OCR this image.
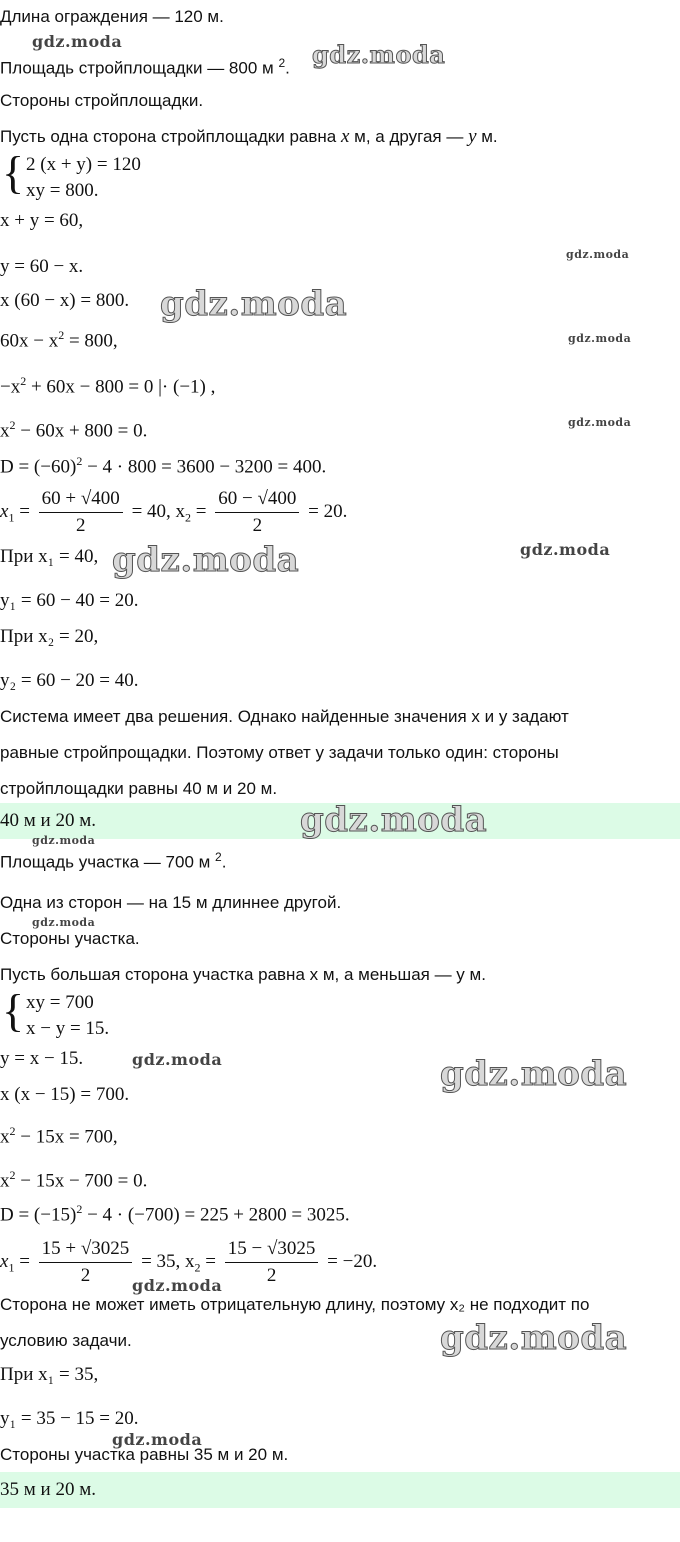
Длина ограждения — 120 м.
Площадь стройплощадки — 800 м $^2$.
Стороны стройплощадки.
Пусть одна сторона стройплощадки равна x м, а другая — y м.
{ 2 (x + y) = 120
xy = 800.
x + y = 60,
y = 60 − x.
x (60 − x) = 800.
$60x - x^2 = 800$,
$-x^2 + 60x - 800 = 0$ |· (−1) ,
$x^2 - 60x + 800 = 0$.
$D = (-60)^2 - 4 \cdot 800 = 3600 - 3200 = 400$.
$x_1 = \frac{60 + √400}{2} = 40$, $x_2 = \frac{60 - √400}{2} = 20$.
При x₁ = 40,
y₁ = 60 − 40 = 20.
При x₂ = 20,
y₂ = 60 − 20 = 40.
Система имеет два решения. Однако найденные значения x и y задают
равные стройпрощадки. Поэтому ответ у задачи только один: стороны
стройплощадки равны 40 м и 20 м.
40 м и 20 м.
Площадь участка — 700 м $^2$.
Одна из сторон — на 15 м длиннее другой.
Стороны участка.
Пусть большая сторона участка равна x м, а меньшая — y м.
{ xy = 700
x − y = 15.
y = x − 15.
x (x − 15) = 700.
$x^2 - 15x = 700$,
$x^2 - 15x - 700 = 0$.
$D = (-15)^2 - 4 \cdot (-700) = 225 + 2800 = 3025$.
$x_1 = \frac{15 + √3025}{2} = 35$, $x_2 = \frac{15 - √3025}{2} = -20$.
Сторона не может иметь отрицательную длину, поэтому x₂ не подходит по
условию задачи.
При x₁ = 35,
y₁ = 35 − 15 = 20.
Стороны участка равны 35 м и 20 м.
35 м и 20 м.
gdz.moda	gdz.moda
gdz.moda
gdz.moda
gdz.moda
gdz.moda
gdz.moda
gdz.moda
gdz.moda
gdz.moda
gdz.moda
gdz.moda	gdz.moda
gdz.moda
gdz.moda
gdz.moda
